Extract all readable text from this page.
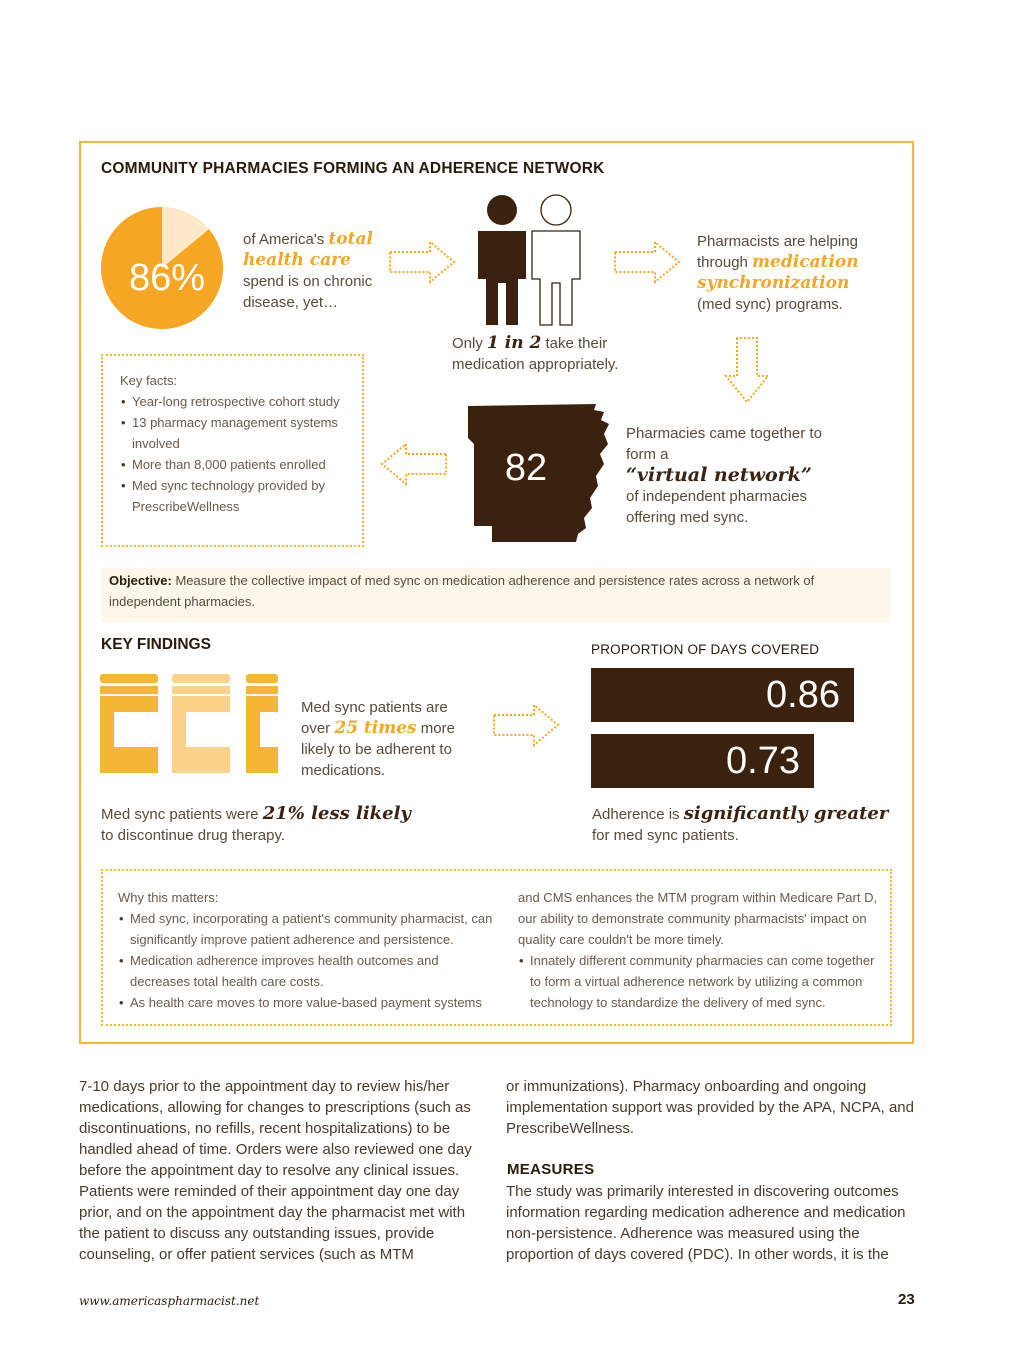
COMMUNITY PHARMACIES FORMING AN ADHERENCE NETWORK
86%
of America's total health care
spend is on chronic disease, yet…
Only 1 in 2 take their medication appropriately.
Pharmacists are helping through medication synchronization
(med sync) programs.
Key facts:
• Year-long retrospective cohort study
• 13 pharmacy management systems involved
• More than 8,000 patients enrolled
• Med sync technology provided by PrescribeWellness
82
Pharmacies came together to form a
“virtual network”
of independent pharmacies offering med sync.
Objective: Measure the collective impact of med sync on medication adherence and persistence rates across a network of independent pharmacies.
KEY FINDINGS
Med sync patients are over 25 times more likely to be adherent to medications.
PROPORTION OF DAYS COVERED
0.86
0.73
Med sync patients were 21% less likely
to discontinue drug therapy.
Adherence is significantly greater
for med sync patients.
Why this matters:
• Med sync, incorporating a patient's community pharmacist, can significantly improve patient adherence and persistence.
• Medication adherence improves health outcomes and decreases total health care costs.
• As health care moves to more value-based payment systems
and CMS enhances the MTM program within Medicare Part D, our ability to demonstrate community pharmacists' impact on quality care couldn't be more timely.
• Innately different community pharmacies can come together to form a virtual adherence network by utilizing a common technology to standardize the delivery of med sync.
7-10 days prior to the appointment day to review his/her medications, allowing for changes to prescriptions (such as discontinuations, no refills, recent hospitalizations) to be handled ahead of time. Orders were also reviewed one day before the appointment day to resolve any clinical issues. Patients were reminded of their appointment day one day prior, and on the appointment day the pharmacist met with the patient to discuss any outstanding issues, provide counseling, or offer patient services (such as MTM
or immunizations). Pharmacy onboarding and ongoing implementation support was provided by the APA, NCPA, and PrescribeWellness.
MEASURES
The study was primarily interested in discovering outcomes information regarding medication adherence and medication non-persistence. Adherence was measured using the proportion of days covered (PDC). In other words, it is the
www.americaspharmacist.net	23
